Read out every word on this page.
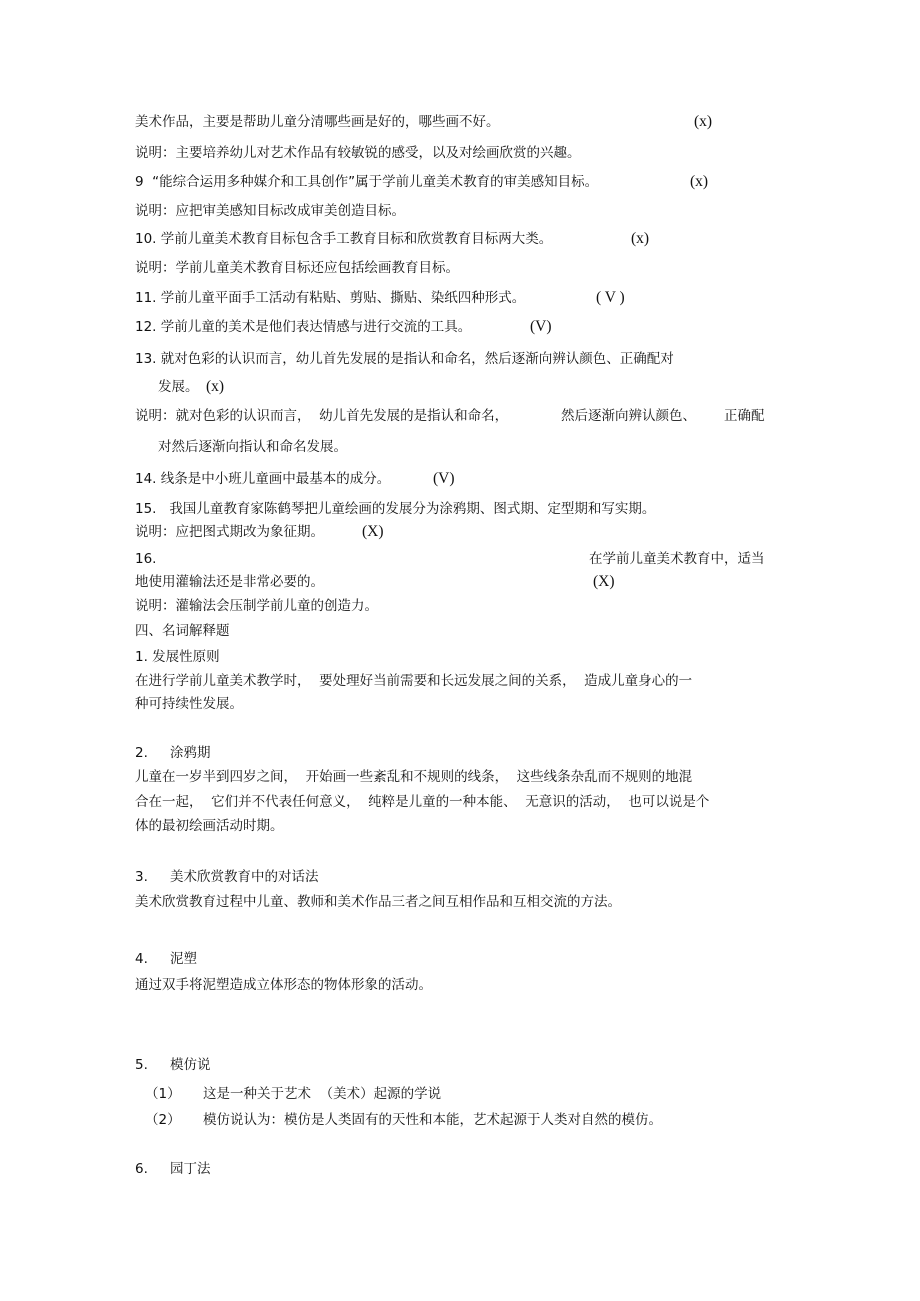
美术作品，主要是帮助儿童分清哪些画是好的，哪些画不好。	(x)
说明：主要培养幼儿对艺术作品有较敏锐的感受，以及对绘画欣赏的兴趣。
9  “能综合运用多种媒介和工具创作”属于学前儿童美术教育的审美感知目标。	(x)
说明：应把审美感知目标改成审美创造目标。
10. 学前儿童美术教育目标包含手工教育目标和欣赏教育目标两大类。	(x)
说明：学前儿童美术教育目标还应包括绘画教育目标。
11. 学前儿童平面手工活动有粘贴、剪贴、撕贴、染纸四种形式。	( V )
12. 学前儿童的美术是他们表达情感与进行交流的工具。	(V)
13. 就对色彩的认识而言，幼儿首先发展的是指认和命名，然后逐渐向辨认颜色、正确配对
发展。 (x)
说明：就对色彩的认识而言，  幼儿首先发展的是指认和命名，	然后逐渐向辨认颜色、 正确配
对然后逐渐向指认和命名发展。
14. 线条是中小班儿童画中最基本的成分。	(V)
15.   我国儿童教育家陈鹤琴把儿童绘画的发展分为涂鸦期、图式期、定型期和写实期。
说明：应把图式期改为象征期。 (X)
16.	在学前儿童美术教育中，适当
地使用灌输法还是非常必要的。	(X)
说明：灌输法会压制学前儿童的创造力。
四、名词解释题
1. 发展性原则
在进行学前儿童美术教学时，  要处理好当前需要和长远发展之间的关系，  造成儿童身心的一
种可持续性发展。
2. 涂鸦期
儿童在一岁半到四岁之间，  开始画一些紊乱和不规则的线条，  这些线条杂乱而不规则的地混
合在一起，  它们并不代表任何意义，  纯粹是儿童的一种本能、  无意识的活动，  也可以说是个
体的最初绘画活动时期。
3. 美术欣赏教育中的对话法
美术欣赏教育过程中儿童、教师和美术作品三者之间互相作品和互相交流的方法。
4. 泥塑
通过双手将泥塑造成立体形态的物体形象的活动。
5. 模仿说
（1） 这是一种关于艺术  （美术）起源的学说
（2） 模仿说认为：模仿是人类固有的天性和本能，艺术起源于人类对自然的模仿。
6. 园丁法
